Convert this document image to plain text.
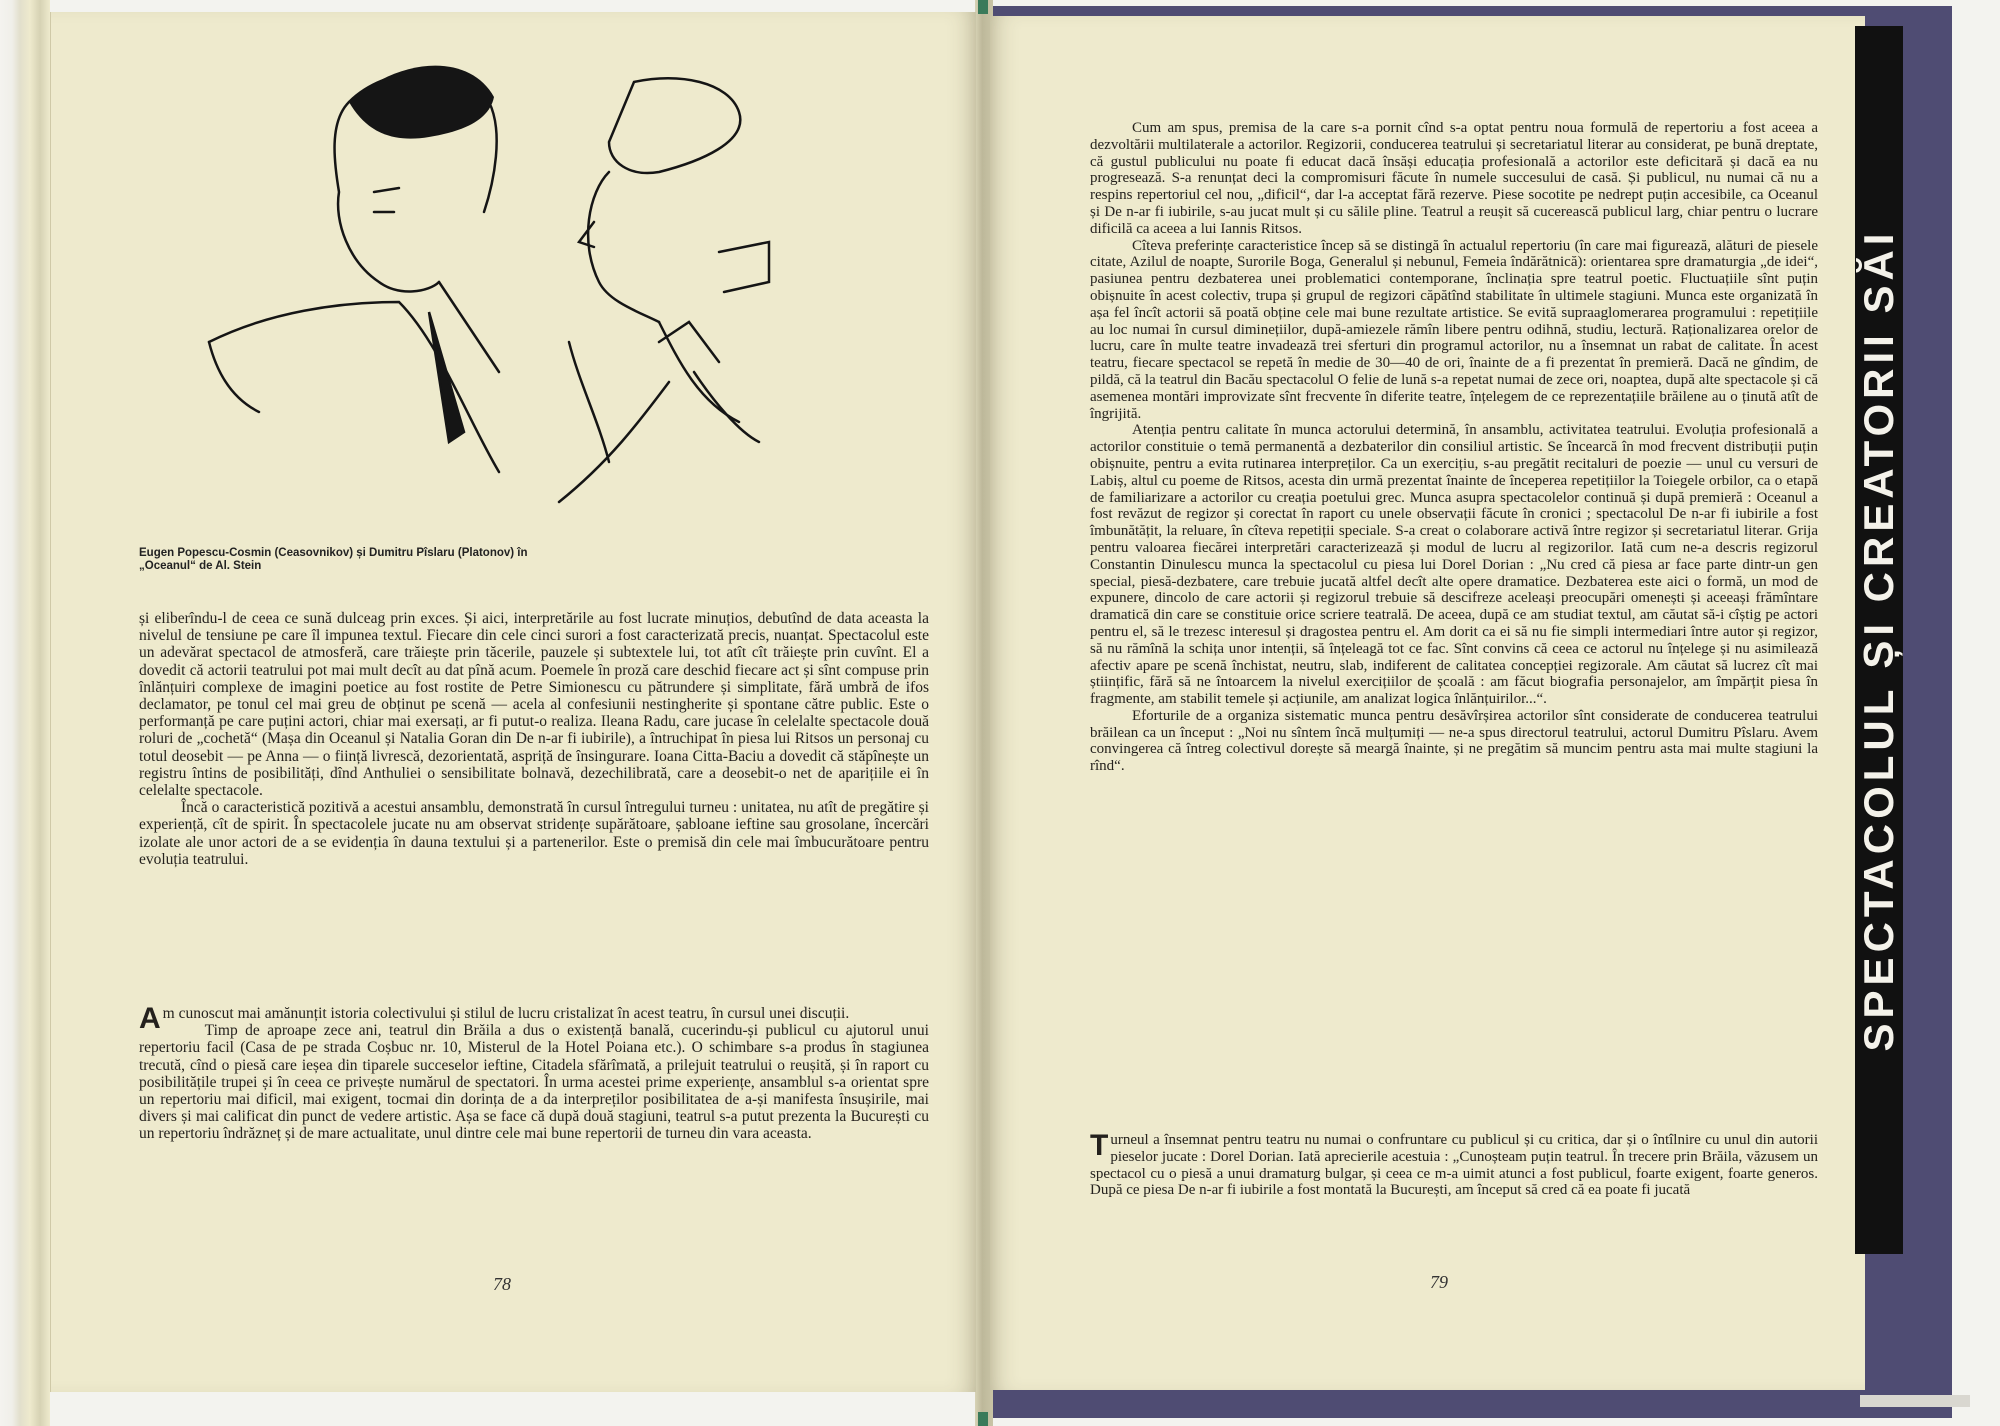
Eugen Popescu-Cosmin (Ceasovnikov) și Dumitru Pîslaru (Platonov) în
„Oceanul“ de Al. Stein

și eliberîndu-l de ceea ce sună dulceag prin exces. Și aici, interpretările au fost lucrate minuțios, debutînd de data aceasta la nivelul de tensiune pe care îl impunea textul. Fiecare din cele cinci surori a fost caracterizată precis, nuanțat. Spectacolul este un adevărat spectacol de atmosferă, care trăiește prin tăcerile, pauzele și subtextele lui, tot atît cît trăiește prin cuvînt. El a dovedit că actorii teatrului pot mai mult decît au dat pînă acum. Poemele în proză care deschid fiecare act și sînt compuse prin înlănțuiri complexe de imagini poetice au fost rostite de Petre Simionescu cu pătrundere și simplitate, fără umbră de ifos declamator, pe tonul cel mai greu de obținut pe scenă — acela al confesiunii nestingherite și spontane către public. Este o performanță pe care puțini actori, chiar mai exersați, ar fi putut-o realiza. Ileana Radu, care jucase în celelalte spectacole două roluri de „cochetă“ (Mașa din Oceanul și Natalia Goran din De n-ar fi iubirile), a întruchipat în piesa lui Ritsos un personaj cu totul deosebit — pe Anna — o ființă livrescă, dezorientată, aspriță de însingurare. Ioana Citta-Baciu a dovedit că stăpînește un registru întins de posibilități, dînd Anthuliei o sensibilitate bolnavă, dezechilibrată, care a deosebit-o net de aparițiile ei în celelalte spectacole.

Încă o caracteristică pozitivă a acestui ansamblu, demonstrată în cursul întregului turneu : unitatea, nu atît de pregătire și experiență, cît de spirit. În spectacolele jucate nu am observat stridențe supărătoare, șabloane ieftine sau grosolane, încercări izolate ale unor actori de a se evidenția în dauna textului și a partenerilor. Este o premisă din cele mai îmbucurătoare pentru evoluția teatrului.

Am cunoscut mai amănunțit istoria colectivului și stilul de lucru cristalizat în acest teatru, în cursul unei discuții.

Timp de aproape zece ani, teatrul din Brăila a dus o existență banală, cucerindu-și publicul cu ajutorul unui repertoriu facil (Casa de pe strada Coșbuc nr. 10, Misterul de la Hotel Poiana etc.). O schimbare s-a produs în stagiunea trecută, cînd o piesă care ieșea din tiparele succeselor ieftine, Citadela sfărîmată, a prilejuit teatrului o reușită, și în raport cu posibilitățile trupei și în ceea ce privește numărul de spectatori. În urma acestei prime experiențe, ansamblul s-a orientat spre un repertoriu mai dificil, mai exigent, tocmai din dorința de a da interpreților posibilitatea de a-și manifesta însușirile, mai divers și mai calificat din punct de vedere artistic. Așa se face că după două stagiuni, teatrul s-a putut prezenta la București cu un repertoriu îndrăzneț și de mare actualitate, unul dintre cele mai bune repertorii de turneu din vara aceasta.

78

Cum am spus, premisa de la care s-a pornit cînd s-a optat pentru noua formulă de repertoriu a fost aceea a dezvoltării multilaterale a actorilor. Regizorii, conducerea teatrului și secretariatul literar au considerat, pe bună dreptate, că gustul publicului nu poate fi educat dacă însăși educația profesională a actorilor este deficitară și dacă ea nu progresează. S-a renunțat deci la compromisuri făcute în numele succesului de casă. Și publicul, nu numai că nu a respins repertoriul cel nou, „dificil“, dar l-a acceptat fără rezerve. Piese socotite pe nedrept puțin accesibile, ca Oceanul și De n-ar fi iubirile, s-au jucat mult și cu sălile pline. Teatrul a reușit să cucerească publicul larg, chiar pentru o lucrare dificilă ca aceea a lui Iannis Ritsos.

Cîteva preferințe caracteristice încep să se distingă în actualul repertoriu (în care mai figurează, alături de piesele citate, Azilul de noapte, Surorile Boga, Generalul și nebunul, Femeia îndărătnică): orientarea spre dramaturgia „de idei“, pasiunea pentru dezbaterea unei problematici contemporane, înclinația spre teatrul poetic. Fluctuațiile sînt puțin obișnuite în acest colectiv, trupa și grupul de regizori căpătînd stabilitate în ultimele stagiuni. Munca este organizată în așa fel încît actorii să poată obține cele mai bune rezultate artistice. Se evită supraaglomerarea programului : repetițiile au loc numai în cursul diminețiilor, după-amiezele rămîn libere pentru odihnă, studiu, lectură. Raționalizarea orelor de lucru, care în multe teatre invadează trei sferturi din programul actorilor, nu a însemnat un rabat de calitate. În acest teatru, fiecare spectacol se repetă în medie de 30—40 de ori, înainte de a fi prezentat în premieră. Dacă ne gîndim, de pildă, că la teatrul din Bacău spectacolul O felie de lună s-a repetat numai de zece ori, noaptea, după alte spectacole și că asemenea montări improvizate sînt frecvente în diferite teatre, înțelegem de ce reprezentațiile brăilene au o ținută atît de îngrijită.

Atenția pentru calitate în munca actorului determină, în ansamblu, activitatea teatrului. Evoluția profesională a actorilor constituie o temă permanentă a dezbaterilor din consiliul artistic. Se încearcă în mod frecvent distribuții puțin obișnuite, pentru a evita rutinarea interpreților. Ca un exercițiu, s-au pregătit recitaluri de poezie — unul cu versuri de Labiș, altul cu poeme de Ritsos, acesta din urmă prezentat înainte de începerea repetițiilor la Toiegele orbilor, ca o etapă de familiarizare a actorilor cu creația poetului grec. Munca asupra spectacolelor continuă și după premieră : Oceanul a fost revăzut de regizor și corectat în raport cu unele observații făcute în cronici ; spectacolul De n-ar fi iubirile a fost îmbunătățit, la reluare, în cîteva repetiții speciale. S-a creat o colaborare activă între regizor și secretariatul literar. Grija pentru valoarea fiecărei interpretări caracterizează și modul de lucru al regizorilor. Iată cum ne-a descris regizorul Constantin Dinulescu munca la spectacolul cu piesa lui Dorel Dorian : „Nu cred că piesa ar face parte dintr-un gen special, piesă-dezbatere, care trebuie jucată altfel decît alte opere dramatice. Dezbaterea este aici o formă, un mod de expunere, dincolo de care actorii și regizorul trebuie să descifreze aceleași preocupări omenești și aceeași frămîntare dramatică din care se constituie orice scriere teatrală. De aceea, după ce am studiat textul, am căutat să-i cîștig pe actori pentru el, să le trezesc interesul și dragostea pentru el. Am dorit ca ei să nu fie simpli intermediari între autor și regizor, să nu rămînă la schița unor intenții, să înțeleagă tot ce fac. Sînt convins că ceea ce actorul nu înțelege și nu asimilează afectiv apare pe scenă închistat, neutru, slab, indiferent de calitatea concepției regizorale. Am căutat să lucrez cît mai științific, fără să ne întoarcem la nivelul exercițiilor de școală : am făcut biografia personajelor, am împărțit piesa în fragmente, am stabilit temele și acțiunile, am analizat logica înlănțuirilor...“.

Eforturile de a organiza sistematic munca pentru desăvîrșirea actorilor sînt considerate de conducerea teatrului brăilean ca un început : „Noi nu sîntem încă mulțumiți — ne-a spus directorul teatrului, actorul Dumitru Pîslaru. Avem convingerea că întreg colectivul dorește să meargă înainte, și ne pregătim să muncim pentru asta mai multe stagiuni la rînd“.

Turneul a însemnat pentru teatru nu numai o confruntare cu publicul și cu critica, dar și o întîlnire cu unul din autorii pieselor jucate : Dorel Dorian. Iată aprecierile acestuia : „Cunoșteam puțin teatrul. În trecere prin Brăila, văzusem un spectacol cu o piesă a unui dramaturg bulgar, și ceea ce m-a uimit atunci a fost publicul, foarte exigent, foarte generos. După ce piesa De n-ar fi iubirile a fost montată la București, am început să cred că ea poate fi jucată

79
SPECTACOLUL ȘI CREATORII SĂI
